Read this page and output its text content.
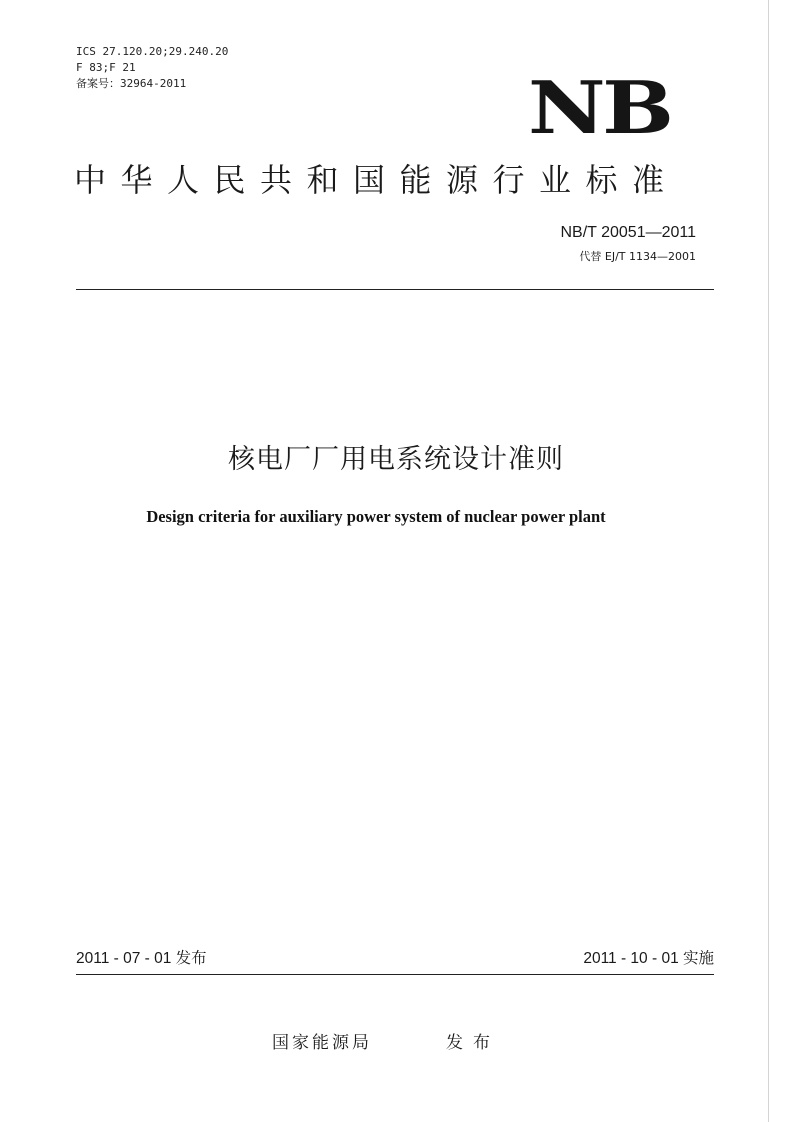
ICS 27.120.20;29.240.20
F 83;F 21
备案号：32964-2011	NB
中华人民共和国能源行业标准
NB/T 20051—2011
代替 EJ/T 1134—2001
核电厂厂用电系统设计准则
Design criteria for auxiliary power system of nuclear power plant
2011 - 07 - 01 发布	2011 - 10 - 01 实施
国家能源局	发布
